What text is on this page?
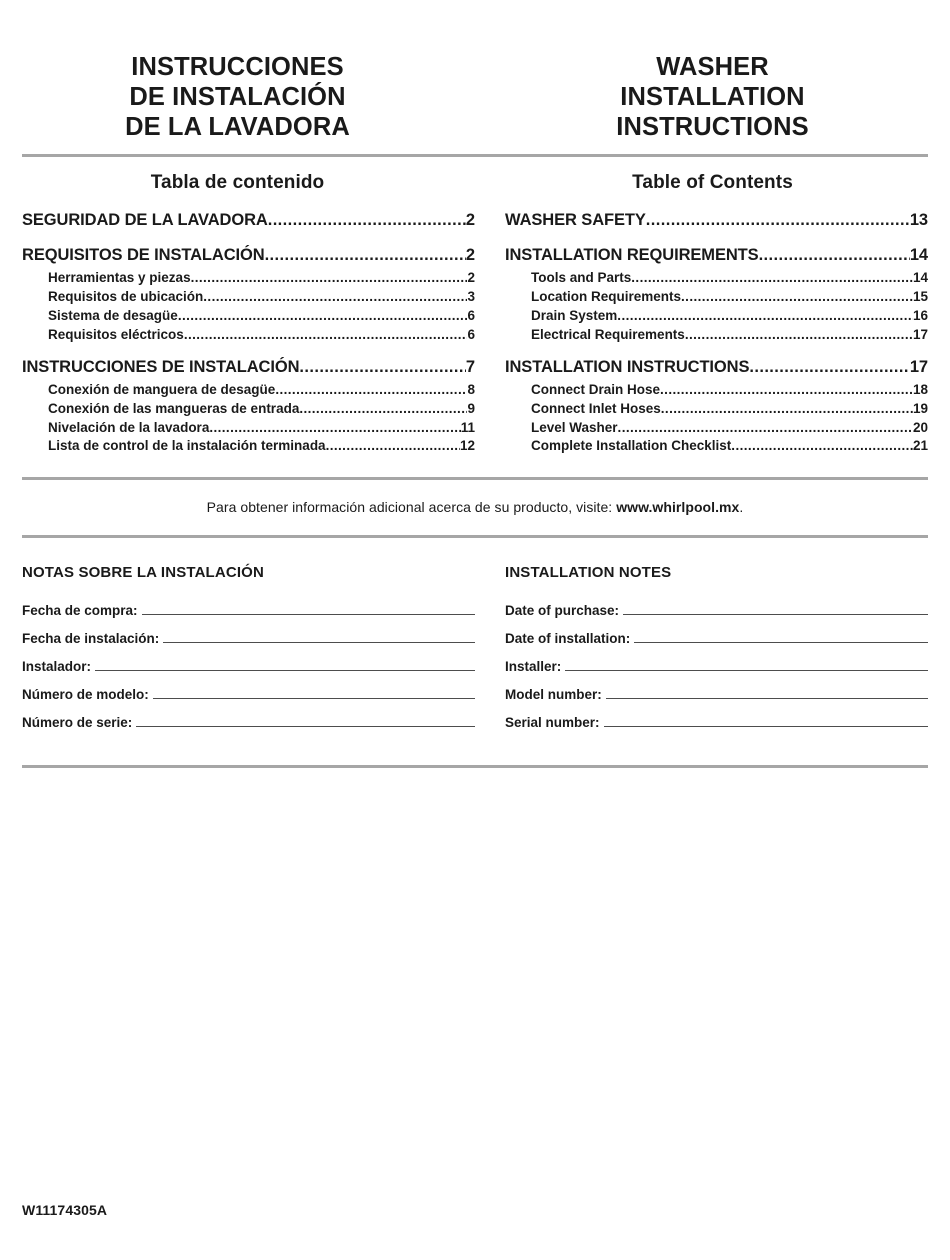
INSTRUCCIONES
DE INSTALACIÓN
DE LA LAVADORA
WASHER
INSTALLATION
INSTRUCTIONS
Tabla de contenido	Table of Contents
SEGURIDAD DE LA LAVADORA .....	2
REQUISITOS DE INSTALACIÓN .....	2
Herramientas y piezas .....	2
Requisitos de ubicación .....	3
Sistema de desagüe .....	6
Requisitos eléctricos .....	6
INSTRUCCIONES DE INSTALACIÓN .....	7
Conexión de manguera de desagüe .....	8
Conexión de las mangueras de entrada .....	9
Nivelación de la lavadora .....	11
Lista de control de la instalación terminada .....	12
WASHER SAFETY .....	13
INSTALLATION REQUIREMENTS .....	14
Tools and Parts .....	14
Location Requirements .....	15
Drain System .....	16
Electrical Requirements .....	17
INSTALLATION INSTRUCTIONS .....	17
Connect Drain Hose .....	18
Connect Inlet Hoses .....	19
Level Washer .....	20
Complete Installation Checklist .....	21
Para obtener información adicional acerca de su producto, visite: www.whirlpool.mx.
NOTAS SOBRE LA INSTALACIÓN
Fecha de compra:
Fecha de instalación:
Instalador:
Número de modelo:
Número de serie:
INSTALLATION NOTES
Date of purchase:
Date of installation:
Installer:
Model number:
Serial number:
W11174305A
